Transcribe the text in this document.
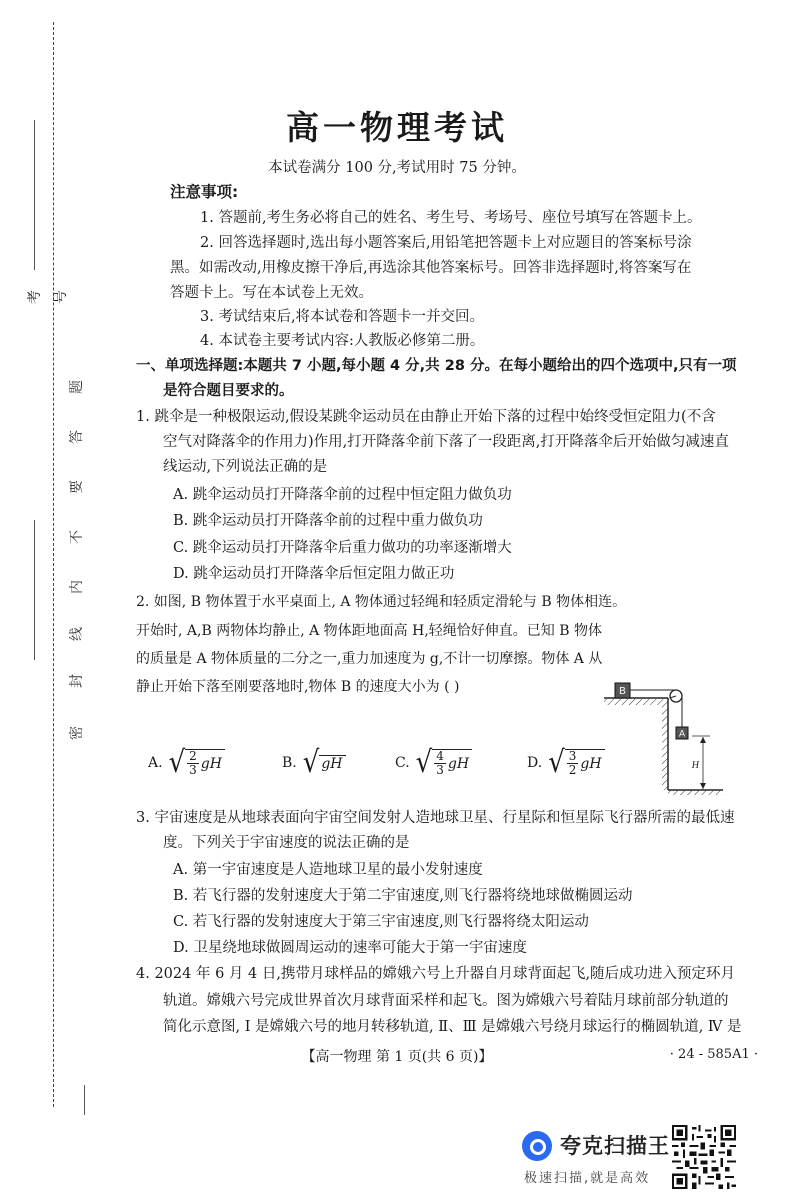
考号
密
封
线
内
不
要
答
题
高一物理考试
本试卷满分 100 分,考试用时 75 分钟。
注意事项:
1. 答题前,考生务必将自己的姓名、考生号、考场号、座位号填写在答题卡上。
2. 回答选择题时,选出每小题答案后,用铅笔把答题卡上对应题目的答案标号涂
黑。如需改动,用橡皮擦干净后,再选涂其他答案标号。回答非选择题时,将答案写在
答题卡上。写在本试卷上无效。
3. 考试结束后,将本试卷和答题卡一并交回。
4. 本试卷主要考试内容:人教版必修第二册。
一、单项选择题:本题共 7 小题,每小题 4 分,共 28 分。在每小题给出的四个选项中,只有一项
是符合题目要求的。
1. 跳伞是一种极限运动,假设某跳伞运动员在由静止开始下落的过程中始终受恒定阻力(不含
空气对降落伞的作用力)作用,打开降落伞前下落了一段距离,打开降落伞后开始做匀减速直
线运动,下列说法正确的是
A. 跳伞运动员打开降落伞前的过程中恒定阻力做负功
B. 跳伞运动员打开降落伞前的过程中重力做负功
C. 跳伞运动员打开降落伞后重力做功的功率逐渐增大
D. 跳伞运动员打开降落伞后恒定阻力做正功
2. 如图, B 物体置于水平桌面上, A 物体通过轻绳和轻质定滑轮与 B 物体相连。
开始时, A,B 两物体均静止, A 物体距地面高 H,轻绳恰好伸直。已知 B 物体
的质量是 A 物体质量的二分之一,重力加速度为 g,不计一切摩擦。物体 A 从
静止开始下落至刚要落地时,物体 B 的速度大小为 ( )
A. √ $\frac{2}{3}$ gH	B. √ gH	C. √ $\frac{4}{3}$ gH	D. √ $\frac{3}{2}$ gH
B
A
H
3. 宇宙速度是从地球表面向宇宙空间发射人造地球卫星、行星际和恒星际飞行器所需的最低速
度。下列关于宇宙速度的说法正确的是
A. 第一宇宙速度是人造地球卫星的最小发射速度
B. 若飞行器的发射速度大于第二宇宙速度,则飞行器将绕地球做椭圆运动
C. 若飞行器的发射速度大于第三宇宙速度,则飞行器将绕太阳运动
D. 卫星绕地球做圆周运动的速率可能大于第一宇宙速度
4. 2024 年 6 月 4 日,携带月球样品的嫦娥六号上升器自月球背面起飞,随后成功进入预定环月
轨道。嫦娥六号完成世界首次月球背面采样和起飞。图为嫦娥六号着陆月球前部分轨道的
简化示意图, Ⅰ 是嫦娥六号的地月转移轨道, Ⅱ、Ⅲ 是嫦娥六号绕月球运行的椭圆轨道, Ⅳ 是
【高一物理 第 1 页(共 6 页)】	· 24 - 585A1 ·
夸克扫描王
极速扫描,就是高效
